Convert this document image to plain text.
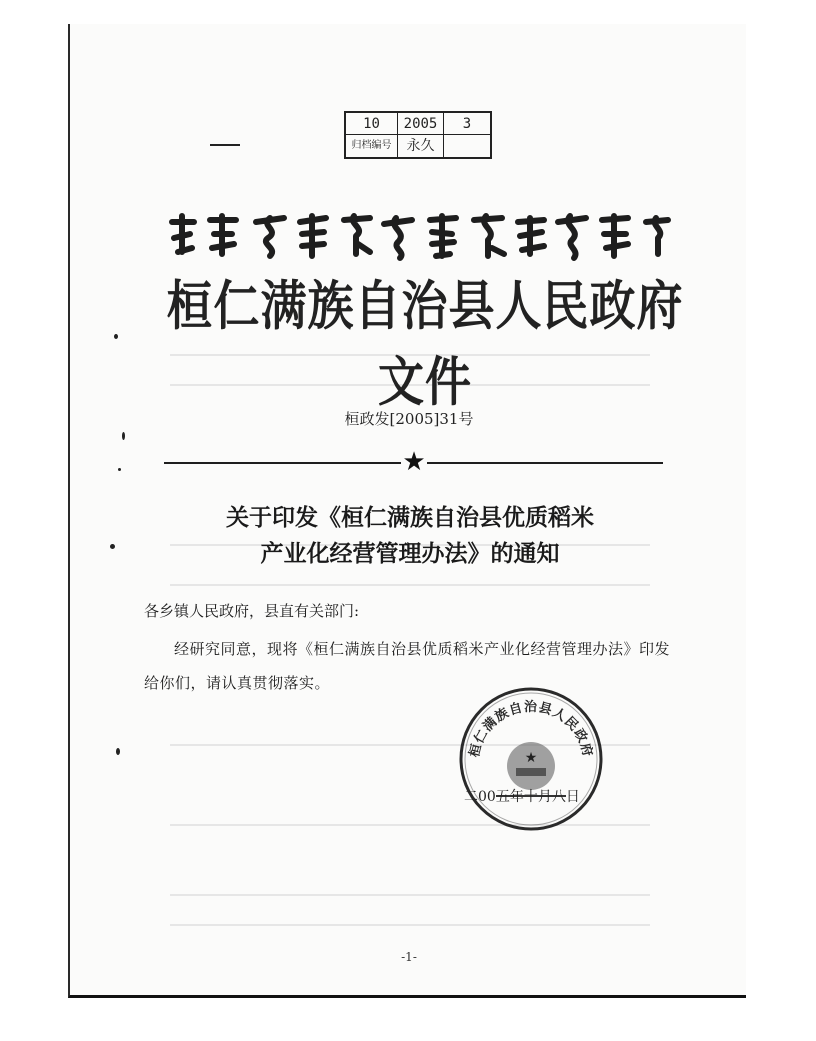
10	2005	3
归档编号	永久
桓仁满族自治县人民政府文件
桓政发[2005]31号
★
关于印发《桓仁满族自治县优质稻米
产业化经营管理办法》的通知
各乡镇人民政府，县直有关部门:
经研究同意，现将《桓仁满族自治县优质稻米产业化经营管理办法》印发给你们，请认真贯彻落实。
桓仁满族自治县人民政府
★
二00五年十月八日
-1-
